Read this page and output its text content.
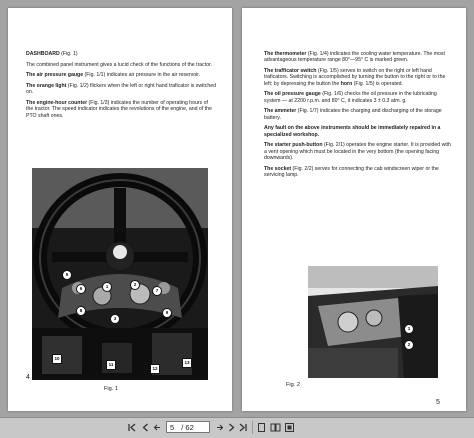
DASHBOARD (Fig. 1)
The combined panel instrument gives a lucid check of the functions of the tractor.
The air pressure gauge (Fig. 1/1) indicates air pressure in the air reservoir.
The orange light (Fig. 1/2) flickers when the left or right hand traficator is switched on.
The engine-hour counter (Fig. 1/3) indicates the number of operating hours of the tractor. The speed indicator indicates the revolutions of the engine, and of the PTO shaft ones.
5
6	1	2
7
3
8	9
10
11
12
13
Fig. 1
4
The thermometer (Fig. 1/4) indicates the cooling water temperature. The most advantageous temperature range 80°—95° C is marked green.
The trafficator switch (Fig. 1/5) serves to switch on the right or left hand traficators. Switching is accomplished by turning the button to the right or to the left; by depressing the button the horn (Fig. 1/5) is operated.
The oil pressure gauge (Fig. 1/6) checks the oil pressure in the lubricating system — at 2200 r.p.m. and 80° C, it indicates 3 ± 0.3 atm. g.
The ammeter (Fig. 1/7) indicates the charging and discharging of the storage battery.
Any fault on the above instruments should be immediately repaired in a specialized workshop.
The starter push-button (Fig. 2/1) operates the engine starter. It is provided with a vent opening which must be located in the very bottom (the opening facing downwards).
The socket (Fig. 2/2) serves for connecting the cab windscreen wiper or the servicing lamp.
1
2
Fig. 2
5
5 / 62
